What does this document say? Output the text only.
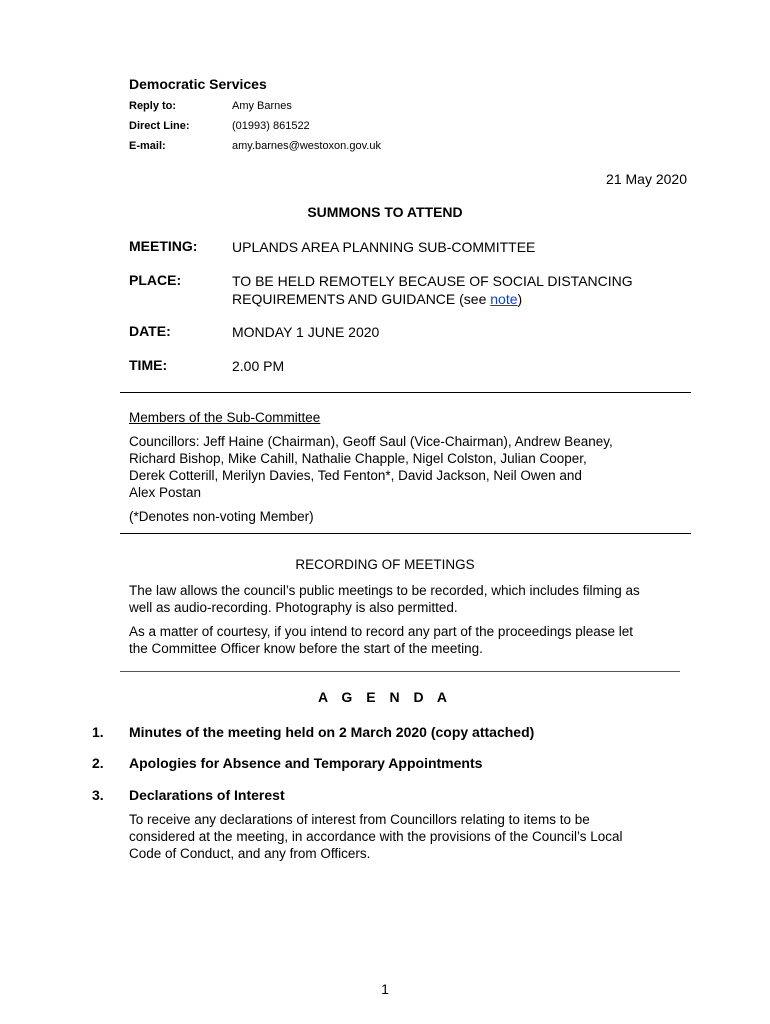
Democratic Services
Reply to:	Amy Barnes
Direct Line:	(01993) 861522
E-mail:	amy.barnes@westoxon.gov.uk
21 May 2020
SUMMONS TO ATTEND
MEETING: UPLANDS AREA PLANNING SUB-COMMITTEE
PLACE:	TO BE HELD REMOTELY BECAUSE OF SOCIAL DISTANCING
REQUIREMENTS AND GUIDANCE (see note)
DATE:	MONDAY 1 JUNE 2020
TIME:	2.00 PM
Members of the Sub-Committee
Councillors: Jeff Haine (Chairman), Geoff Saul (Vice-Chairman), Andrew Beaney,
Richard Bishop, Mike Cahill, Nathalie Chapple, Nigel Colston, Julian Cooper,
Derek Cotterill, Merilyn Davies, Ted Fenton*, David Jackson, Neil Owen and
Alex Postan
(*Denotes non-voting Member)
RECORDING OF MEETINGS
The law allows the council’s public meetings to be recorded, which includes filming as
well as audio-recording. Photography is also permitted.
As a matter of courtesy, if you intend to record any part of the proceedings please let
the Committee Officer know before the start of the meeting.
A G E N D A
1. Minutes of the meeting held on 2 March 2020 (copy attached)
2. Apologies for Absence and Temporary Appointments
3. Declarations of Interest
To receive any declarations of interest from Councillors relating to items to be
considered at the meeting, in accordance with the provisions of the Council’s Local
Code of Conduct, and any from Officers.
1
